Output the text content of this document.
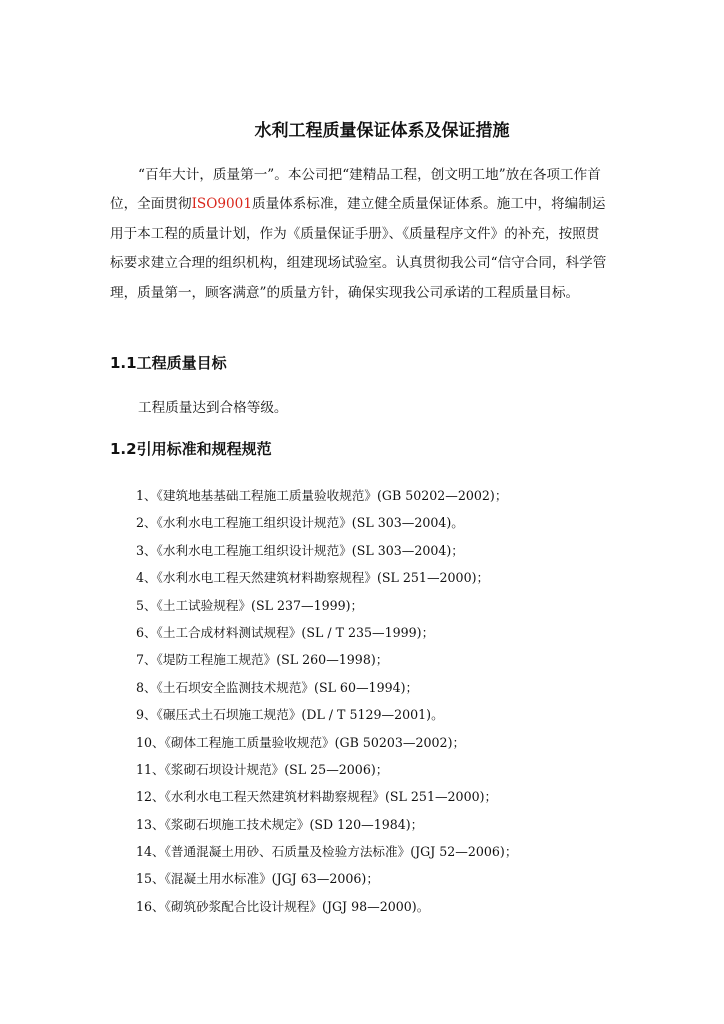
水利工程质量保证体系及保证措施

“百年大计，质量第一”。本公司把“建精品工程，创文明工地”放在各项工作首位，全面贯彻ISO9001质量体系标准，建立健全质量保证体系。施工中，将编制运用于本工程的质量计划，作为《质量保证手册》、《质量程序文件》的补充，按照贯标要求建立合理的组织机构，组建现场试验室。认真贯彻我公司“信守合同，科学管理，质量第一，顾客满意”的质量方针，确保实现我公司承诺的工程质量目标。

1.1工程质量目标

工程质量达到合格等级。

1.2引用标准和规程规范
1、《建筑地基基础工程施工质量验收规范》(GB 50202—2002)；
2、《水利水电工程施工组织设计规范》(SL 303—2004)。
3、《水利水电工程施工组织设计规范》(SL 303—2004)；
4、《水利水电工程天然建筑材料勘察规程》(SL 251—2000)；
5、《土工试验规程》(SL 237—1999)；
6、《土工合成材料测试规程》(SL / T 235—1999)；
7、《堤防工程施工规范》(SL 260—1998)；
8、《土石坝安全监测技术规范》(SL 60—1994)；
9、《碾压式土石坝施工规范》(DL / T 5129—2001)。
10、《砌体工程施工质量验收规范》(GB 50203—2002)；
11、《浆砌石坝设计规范》(SL 25—2006)；
12、《水利水电工程天然建筑材料勘察规程》(SL 251—2000)；
13、《浆砌石坝施工技术规定》(SD 120—1984)；
14、《普通混凝土用砂、石质量及检验方法标准》(JGJ 52—2006)；
15、《混凝土用水标准》(JGJ 63—2006)；
16、《砌筑砂浆配合比设计规程》(JGJ 98—2000)。
